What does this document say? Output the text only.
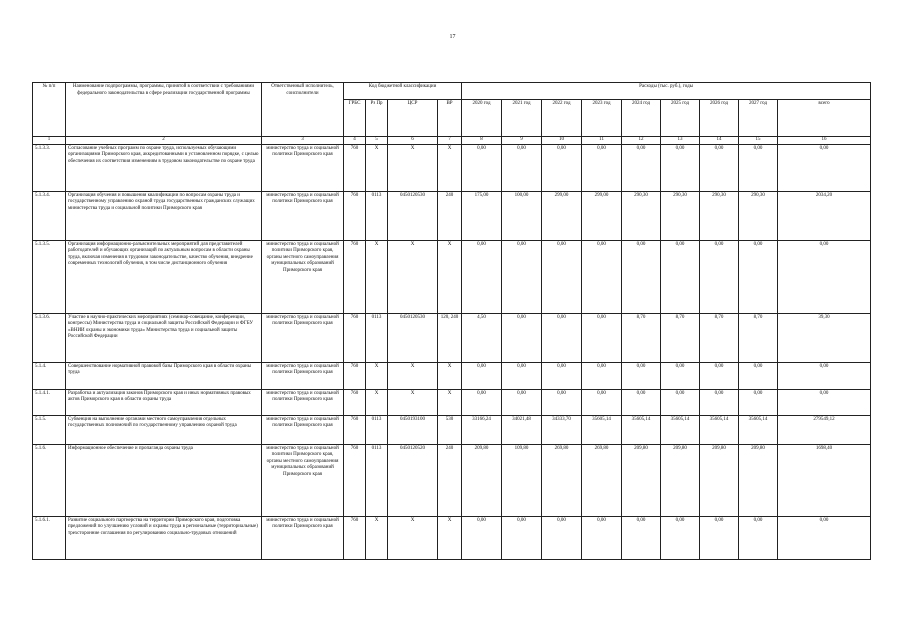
17
№ п/п	Наименование подпрограммы, программы, принятой в соответствии с требованиями федерального законодательства в сфере реализации государственной программы	Ответственный исполнитель, соисполнители	Код бюджетной классификации				Расходы (тыс. руб.), годы								
			ГРБС	Рз Пр	ЦСР	ВР	2020 год	2021 год	2022 год	2023 год	2024 год	2025 год	2026 год	2027 год	всего
1	2	3	4	5	6	7	8	9	10	11	12	13	14	15	16
5.1.3.3.	Согласование учебных программ по охране труда, используемых обучающими организациями Приморского края, аккредитованными в установленном порядке, с целью обеспечения их соответствия изменениям в трудовом законодательстве по охране труда	министерство труда и социальной политики Приморского края	760	Х	Х	Х	0,00	0,00	0,00	0,00	0,00	0,00	0,00	0,00	0,00
5.1.3.4.	Организация обучения и повышения квалификации по вопросам охраны труда и государственному управлению охраной труда государственных гражданских служащих министерства труда и социальной политики Приморского края	министерство труда и социальной политики Приморского края	760	0113	0450120530	240	175,00	100,00	299,00	299,00	290,30	290,30	290,30	290,30	2034,20
5.1.3.5.	Организация информационно-разъяснительных мероприятий для представителей работодателей и обучающих организаций по актуальным вопросам в области охраны труда, включая изменения в трудовом законодательстве, качество обучения, внедрение современных технологий обучения, в том числе дистанционного обучения	министерство труда и социальной политики Приморского края, органы местного самоуправления муниципальных образований Приморского края	760	Х	Х	Х	0,00	0,00	0,00	0,00	0,00	0,00	0,00	0,00	0,00
5.1.3.6.	Участие в научно-практических мероприятиях (семинар-совещание, конференции, конгрессы) Министерства труда и социальной защиты Российской Федерации и ФГБУ «ВНИИ охраны и экономики труда» Министерства труда и социальной защиты Российской Федерации	министерство труда и социальной политики Приморского края	760	0113	0450120530	120, 240	4,50	0,00	0,00	0,00	8,70	8,70	8,70	8,70	39,30
5.1.4.	Совершенствование нормативной правовой базы Приморского края в области охраны труда	министерство труда и социальной политики Приморского края	760	Х	Х	Х	0,00	0,00	0,00	0,00	0,00	0,00	0,00	0,00	0,00
5.1.4.1.	Разработка и актуализация законов Приморского края и иных нормативных правовых актов Приморского края в области охраны труда	министерство труда и социальной политики Приморского края	760	Х	Х	Х	0,00	0,00	0,00	0,00	0,00	0,00	0,00	0,00	0,00
5.1.5.	Субвенция на выполнение органами местного самоуправления отдельных государственных полномочий по государственному управлению охраной труда	министерство труда и социальной политики Приморского края	760	0113	0450193100	530	33166,24	34021,48	34333,70	35605,14	35605,14	35605,14	35605,14	35605,14	279549,12
5.1.6.	Информационное обеспечение и пропаганда охраны труда	министерство труда и социальной политики Приморского края, органы местного самоуправления муниципальных образований Приморского края	760	0113	0450120520	240	209,80	109,80	269,80	269,80	209,80	209,80	209,80	209,80	1698,40
5.1.6.1.	Развитие социального партнерства на территории Приморского края, подготовка предложений по улучшению условий и охраны труда в региональные (территориальные) трехсторонние соглашения по регулированию социально-трудовых отношений	министерство труда и социальной политики Приморского края	760	Х	Х	Х	0,00	0,00	0,00	0,00	0,00	0,00	0,00	0,00	0,00
